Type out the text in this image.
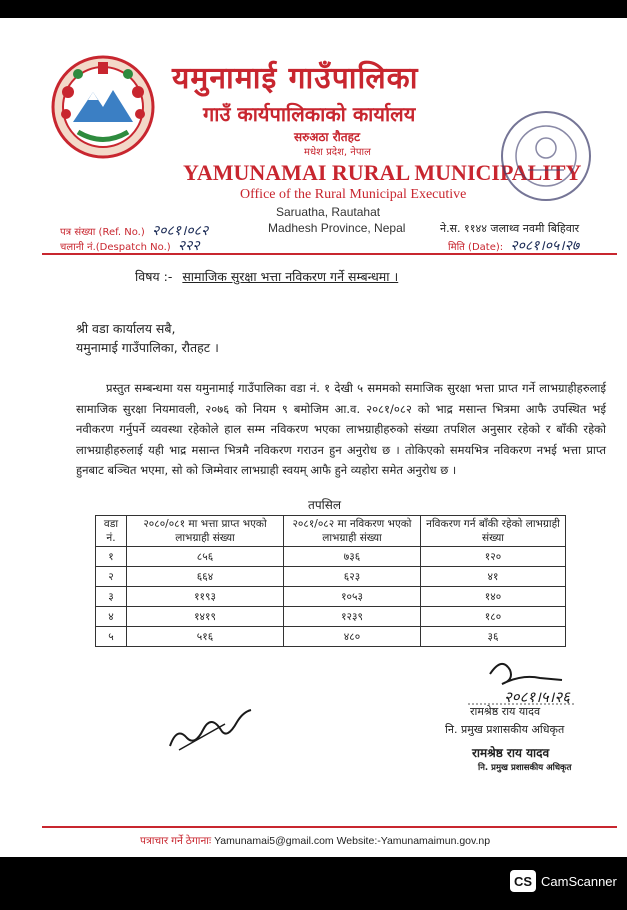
यमुनामाई गाउँपालिका
गाउँ कार्यपालिकाको कार्यालय
सरुअठा रौतहट
मधेश प्रदेश, नेपाल
YAMUNAMAI RURAL MUNICIPALITY
Office of the Rural Municipal Executive
Saruatha, Rautahat
Madhesh Province, Nepal
पत्र संख्या (Ref. No.) २०८१।०८२
चलानी नं.(Despatch No.) २२२
ने.स. ११४४ जलाथ्व नवमी बिहिवार
मिति (Date): २०८१।०५।२७
विषय :- सामाजिक सुरक्षा भत्ता नविकरण गर्ने सम्बन्धमा ।
श्री वडा कार्यालय सबै,
यमुनामाई गाउँपालिका, रौतहट ।
प्रस्तुत सम्बन्धमा यस यमुनामाई गाउँपालिका वडा नं. १ देखी ५ सममको समाजिक सुरक्षा भत्ता प्राप्त गर्ने लाभग्राहीहरुलाई सामाजिक सुरक्षा नियमावली, २०७६ को नियम ९ बमोजिम आ.व. २०८१/०८२ को भाद्र मसान्त भित्रमा आफै उपस्थित भई नवीकरण गर्नुपर्ने व्यवस्था रहेकोले हाल सम्म नविकरण भएका लाभग्राहीहरुको संख्या तपशिल अनुसार रहेको र बाँकी रहेको लाभग्राहीहरुलाई यही भाद्र मसान्त भित्रमै नविकरण गराउन हुन अनुरोध छ । तोकिएको समयभित्र नविकरण नभई भत्ता प्राप्त हुनबाट बञ्चित भएमा, सो को जिम्मेवार लाभग्राही स्वयम् आफै हुने व्यहोरा समेत अनुरोध छ ।
तपसिल
वडा नं.	२०८०/०८१ मा भत्ता प्राप्त भएको लाभग्राही संख्या	२०८१/०८२ मा नविकरण भएको लाभग्राही संख्या	नविकरण गर्न बाँकी रहेको लाभग्राही संख्या
१	८५६	७३६	१२०
२	६६४	६२३	४१
३	११९३	१०५३	१४०
४	१४१९	१२३९	१८०
५	५१६	४८०	३६
२०८१।५।२६
रामश्रेष्ठ राय यादव
नि. प्रमुख प्रशासकीय अधिकृत
रामश्रेष्ठ राय यादव
नि. प्रमुख प्रशासकीय अधिकृत
पत्राचार गर्ने ठेगानाः Yamunamai5@gmail.com Website:-Yamunamaimun.gov.np
CS CamScanner
